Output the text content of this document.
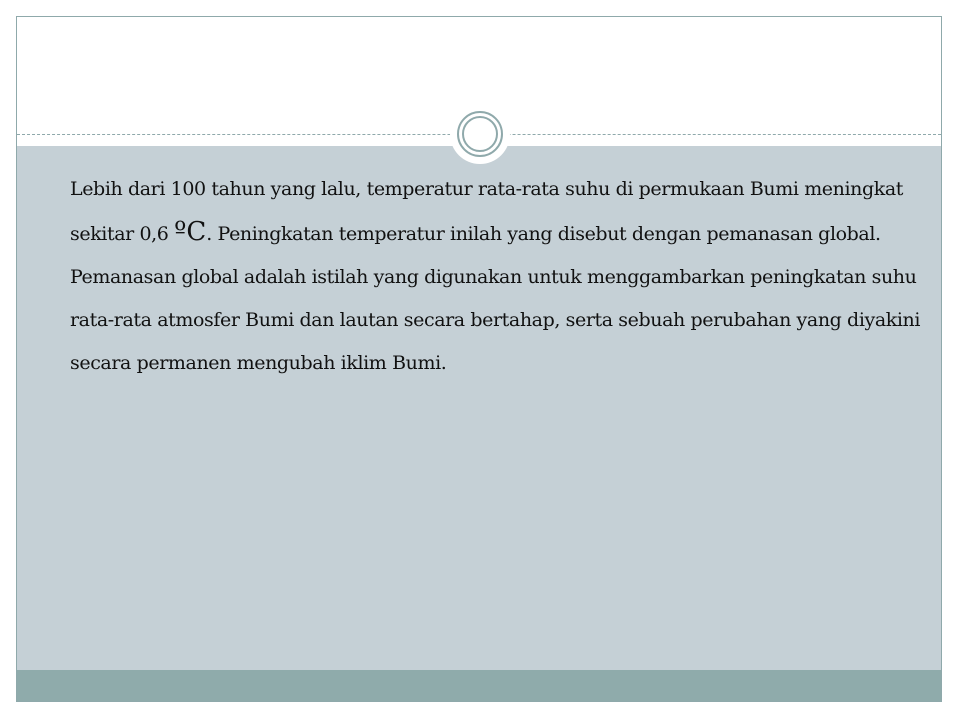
Lebih dari 100 tahun yang lalu, temperatur rata-rata suhu di permukaan Bumi meningkat sekitar 0,6 ºC. Peningkatan temperatur inilah yang disebut dengan pemanasan global. Pemanasan global adalah istilah yang digunakan untuk menggambarkan peningkatan suhu rata-rata atmosfer Bumi dan lautan secara bertahap, serta sebuah perubahan yang diyakini secara permanen mengubah iklim Bumi.
